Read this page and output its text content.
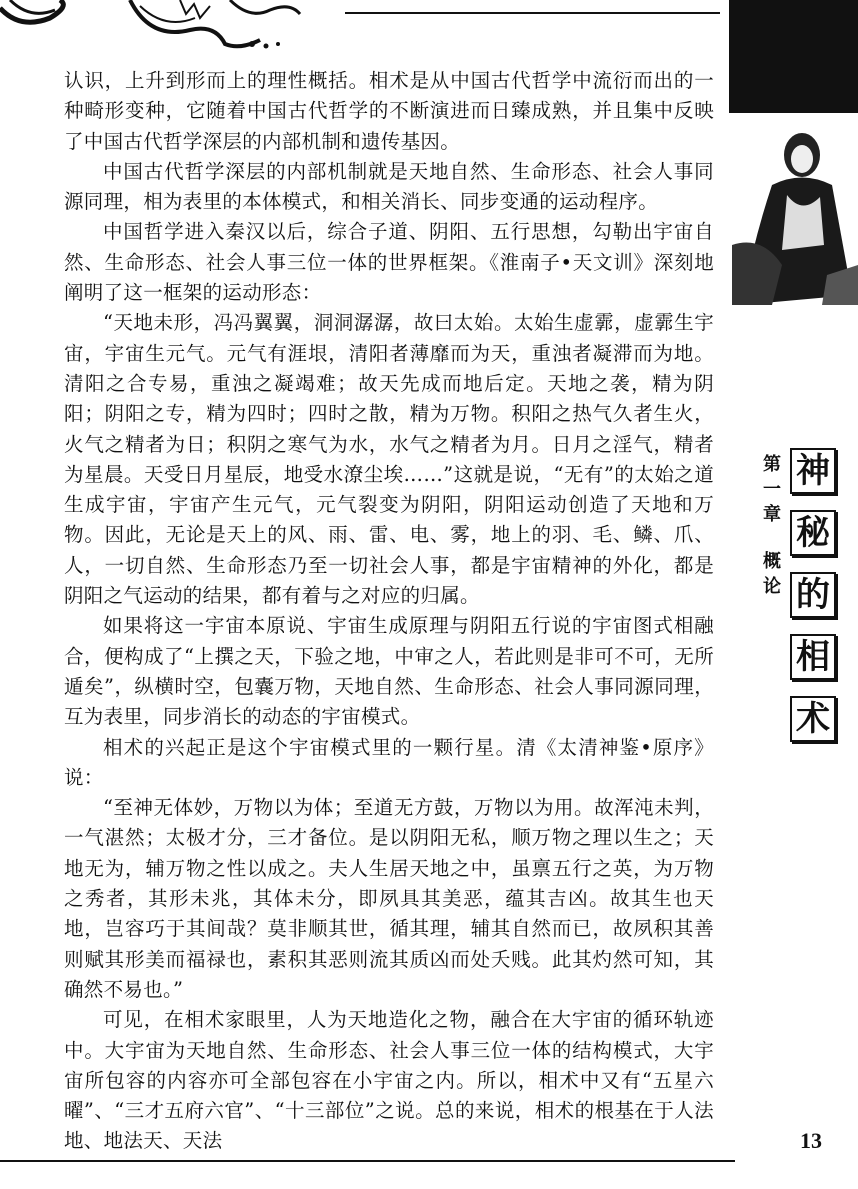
认识，上升到形而上的理性概括。相术是从中国古代哲学中流衍而出的一种畸形变种，它随着中国古代哲学的不断演进而日臻成熟，并且集中反映了中国古代哲学深层的内部机制和遗传基因。

中国古代哲学深层的内部机制就是天地自然、生命形态、社会人事同源同理，相为表里的本体模式，和相关消长、同步变通的运动程序。

中国哲学进入秦汉以后，综合子道、阴阳、五行思想，勾勒出宇宙自然、生命形态、社会人事三位一体的世界框架。《淮南子•天文训》深刻地阐明了这一框架的运动形态：

“天地未形，冯冯翼翼，洞洞潺潺，故曰太始。太始生虚霩，虚霩生宇宙，宇宙生元气。元气有涯垠，清阳者薄靡而为天，重浊者凝滞而为地。清阳之合专易，重浊之凝竭难；故天先成而地后定。天地之袭，精为阴阳；阴阳之专，精为四时；四时之散，精为万物。积阳之热气久者生火，火气之精者为日；积阴之寒气为水，水气之精者为月。日月之淫气，精者为星晨。天受日月星辰，地受水潦尘埃……”这就是说，“无有”的太始之道生成宇宙，宇宙产生元气，元气裂变为阴阳，阴阳运动创造了天地和万物。因此，无论是天上的风、雨、雷、电、雾，地上的羽、毛、鳞、爪、人，一切自然、生命形态乃至一切社会人事，都是宇宙精神的外化，都是阴阳之气运动的结果，都有着与之对应的归属。

如果将这一宇宙本原说、宇宙生成原理与阴阳五行说的宇宙图式相融合，便构成了“上撰之天，下验之地，中审之人，若此则是非可不可，无所遁矣”，纵横时空，包囊万物，天地自然、生命形态、社会人事同源同理，互为表里，同步消长的动态的宇宙模式。

相术的兴起正是这个宇宙模式里的一颗行星。清《太清神鉴•原序》说：

“至神无体妙，万物以为体；至道无方鼓，万物以为用。故浑沌未判，一气湛然；太极才分，三才备位。是以阴阳无私，顺万物之理以生之；天地无为，辅万物之性以成之。夫人生居天地之中，虽禀五行之英，为万物之秀者，其形未兆，其体未分，即夙具其美恶，蕴其吉凶。故其生也天地，岂容巧于其间哉？莫非顺其世，循其理，辅其自然而已，故夙积其善则赋其形美而福禄也，素积其恶则流其质凶而处夭贱。此其灼然可知，其确然不易也。”

可见，在相术家眼里，人为天地造化之物，融合在大宇宙的循环轨迹中。大宇宙为天地自然、生命形态、社会人事三位一体的结构模式，大宇宙所包容的内容亦可全部包容在小宇宙之内。所以，相术中又有“五星六曜”、“三才五府六官”、“十三部位”之说。总的来说，相术的根基在于人法地、地法天、天法

第
一
章
概
论
神
秘
的
相
术
13
